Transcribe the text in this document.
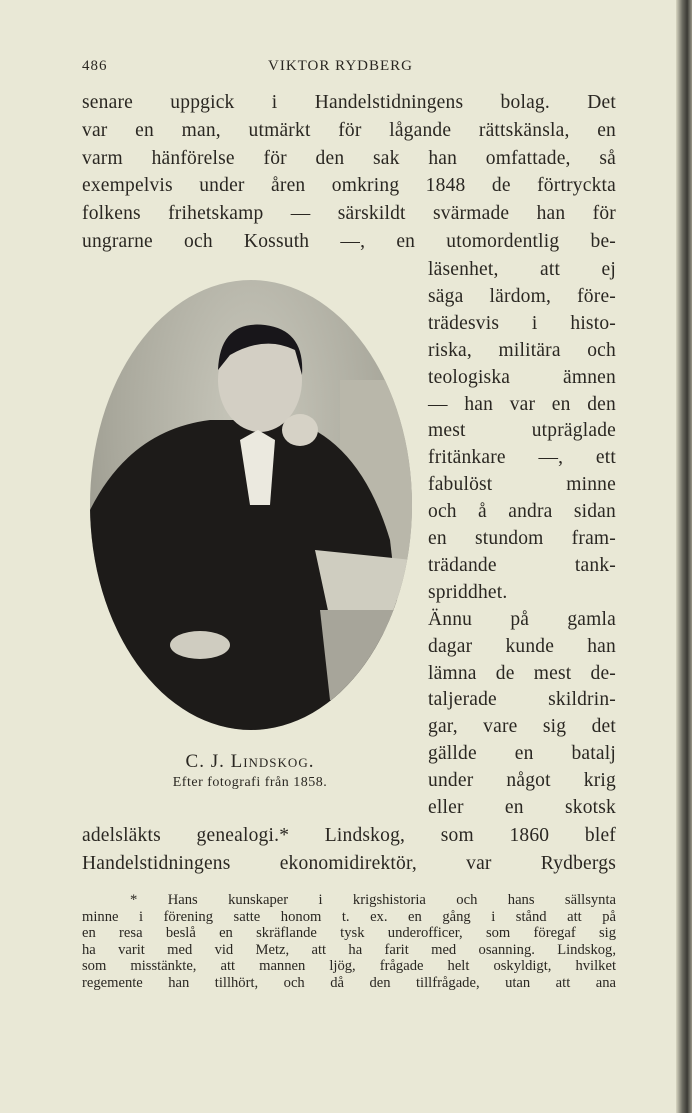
486	VIKTOR RYDBERG
senare uppgick i Handelstidningens bolag. Det
var en man, utmärkt för lågande rättskänsla, en
varm hänförelse för den sak han omfattade, så
exempelvis under åren omkring 1848 de förtryckta
folkens frihetskamp — särskildt svärmade han för
ungrarne och Kossuth —, en utomordentlig be-
läsenhet, att ej
säga lärdom, före-
trädesvis i histo-
riska, militära och
teologiska ämnen
— han var en den
mest utpräglade
fritänkare —, ett
fabulöst minne
och å andra sidan
en stundom fram-
trädande tank-
spriddhet.
Ännu på gamla
dagar kunde han
lämna de mest de-
taljerade skildrin-
gar, vare sig det
gällde en batalj
under något krig
eller en skotsk
adelsläkts genealogi.* Lindskog, som 1860 blef
Handelstidningens ekonomidirektör, var Rydbergs
* Hans kunskaper i krigshistoria och hans sällsynta
minne i förening satte honom t. ex. en gång i stånd att på
en resa beslå en skräflande tysk underofficer, som föregaf sig
ha varit med vid Metz, att ha farit med osanning. Lindskog,
som misstänkte, att mannen ljög, frågade helt oskyldigt, hvilket
regemente han tillhört, och då den tillfrågade, utan att ana
C. J. Lindskog.
Efter fotografi från 1858.
